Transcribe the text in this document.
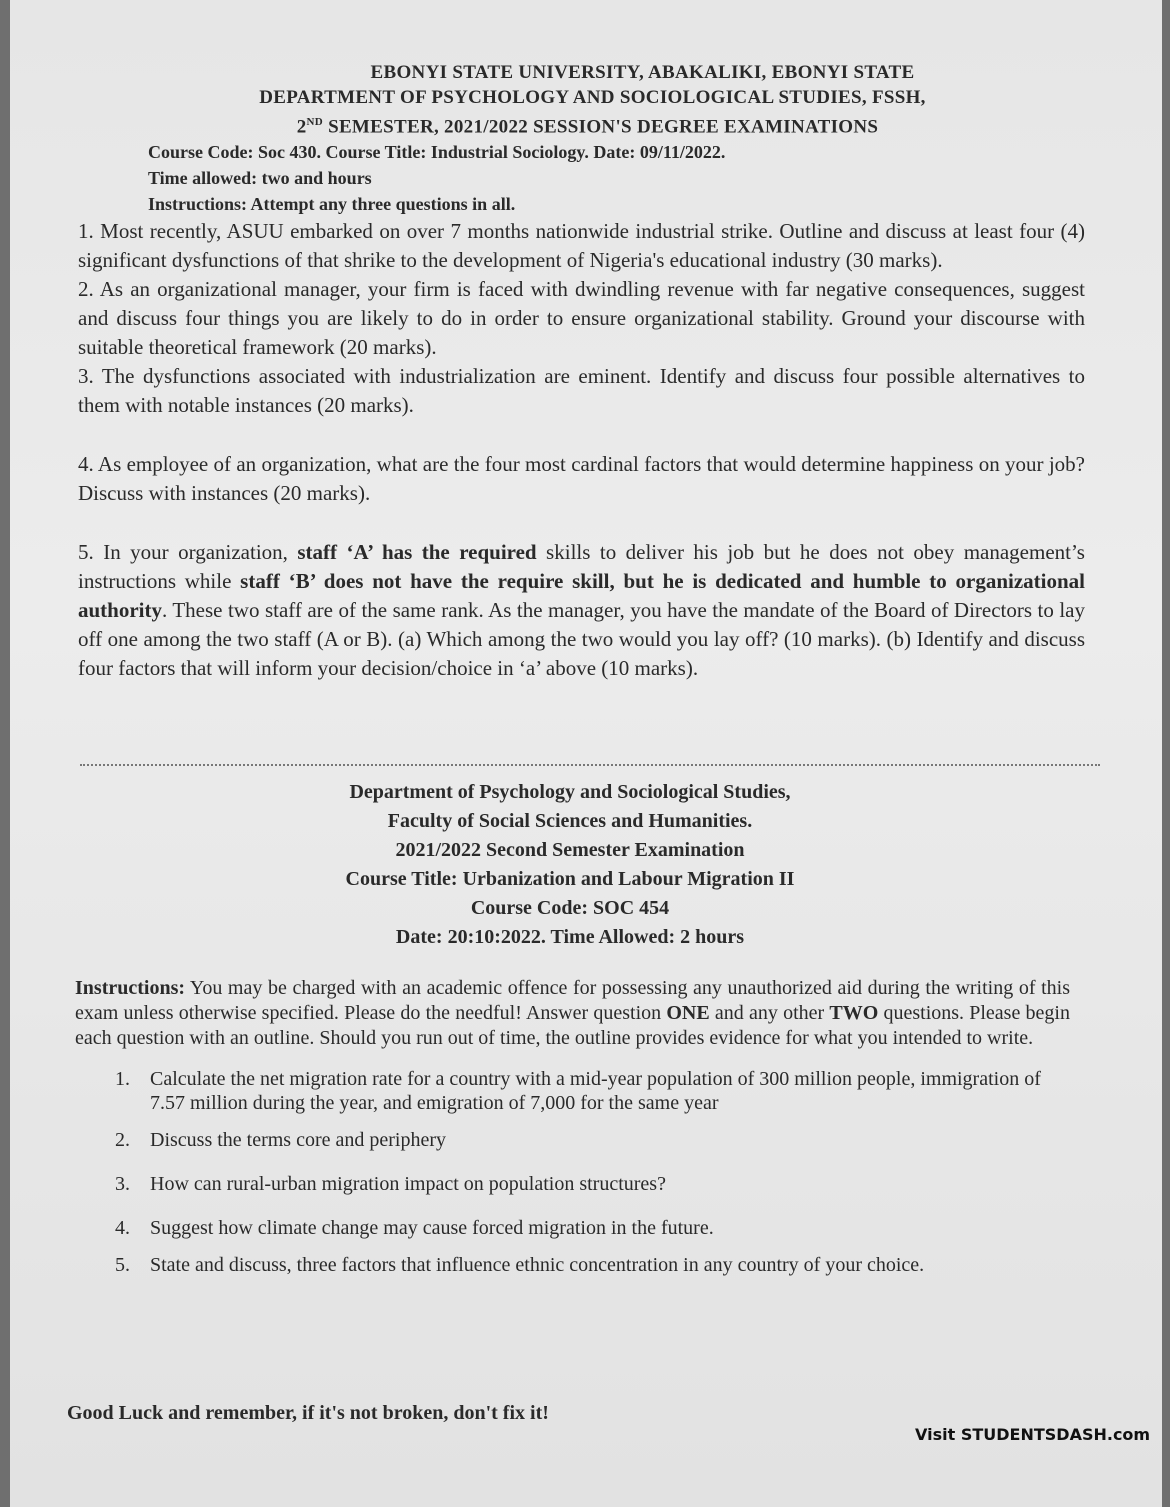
EBONYI STATE UNIVERSITY, ABAKALIKI, EBONYI STATE
DEPARTMENT OF PSYCHOLOGY AND SOCIOLOGICAL STUDIES, FSSH,
2ND SEMESTER, 2021/2022 SESSION'S DEGREE EXAMINATIONS
Course Code: Soc 430. Course Title: Industrial Sociology. Date: 09/11/2022.
Time allowed: two and hours
Instructions: Attempt any three questions in all.

1. Most recently, ASUU embarked on over 7 months nationwide industrial strike. Outline and discuss at least four (4) significant dysfunctions of that shrike to the development of Nigeria's educational industry (30 marks).

2. As an organizational manager, your firm is faced with dwindling revenue with far negative consequences, suggest and discuss four things you are likely to do in order to ensure organizational stability. Ground your discourse with suitable theoretical framework (20 marks).

3. The dysfunctions associated with industrialization are eminent. Identify and discuss four possible alternatives to them with notable instances (20 marks).

4. As employee of an organization, what are the four most cardinal factors that would determine happiness on your job? Discuss with instances (20 marks).

5. In your organization, staff ‘A’ has the required skills to deliver his job but he does not obey management’s instructions while staff ‘B’ does not have the require skill, but he is dedicated and humble to organizational authority. These two staff are of the same rank. As the manager, you have the mandate of the Board of Directors to lay off one among the two staff (A or B). (a) Which among the two would you lay off? (10 marks). (b) Identify and discuss four factors that will inform your decision/choice in ‘a’ above (10 marks).

Department of Psychology and Sociological Studies,
Faculty of Social Sciences and Humanities.
2021/2022 Second Semester Examination
Course Title: Urbanization and Labour Migration II
Course Code: SOC 454
Date: 20:10:2022. Time Allowed: 2 hours
Instructions: You may be charged with an academic offence for possessing any unauthorized aid during the writing of this exam unless otherwise specified. Please do the needful! Answer question ONE and any other TWO questions. Please begin each question with an outline. Should you run out of time, the outline provides evidence for what you intended to write.
1.	Calculate the net migration rate for a country with a mid-year population of 300 million people, immigration of 7.57 million during the year, and emigration of 7,000 for the same year
2.	Discuss the terms core and periphery
3.	How can rural-urban migration impact on population structures?
4.	Suggest how climate change may cause forced migration in the future.
5.	State and discuss, three factors that influence ethnic concentration in any country of your choice.
Good Luck and remember, if it's not broken, don't fix it!
Visit STUDENTSDASH.com
